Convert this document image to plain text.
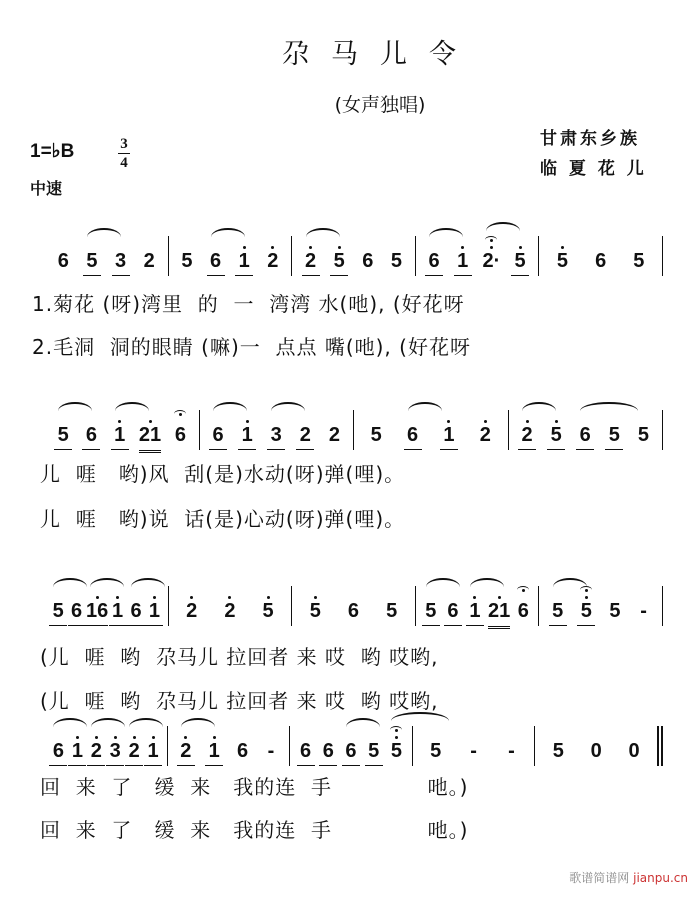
尕马儿令
(女声独唱)
1=♭B	3
4
中速
甘肃东乡族
临 夏 花 儿
6 5 3 2 5 6 1 2 2 5 6 5 6 1 2· 5 5 6 5
1.菊花 (呀)湾里  的  一  湾湾 水(吔), (好花呀
2.毛洞  洞的眼睛 (嘛)一  点点 嘴(吔), (好花呀
5 6 1 21 6 6 1 3 2 2 5 6 1 2 2 5 6 5 5
儿  啀   哟)风  刮(是)水动(呀)弹(哩)。
儿  啀   哟)说  话(是)心动(呀)弹(哩)。
5 6 16 1 6 1 2 2 5 5 6 5 5 6 1 21 6 5 5 5 -
(儿  啀  哟  尕马儿 拉回者 来 哎  哟 哎哟,
(儿  啀  哟  尕马儿 拉回者 来 哎  哟 哎哟,
6 1 2 3 2 1 2 1 6 - 6 6 6 5 5 5 - - 5 0 0
回  来  了   缓  来   我的连  手             吔。)
回  来  了   缓  来   我的连  手             吔。)
歌谱简谱网 jianpu.cn
